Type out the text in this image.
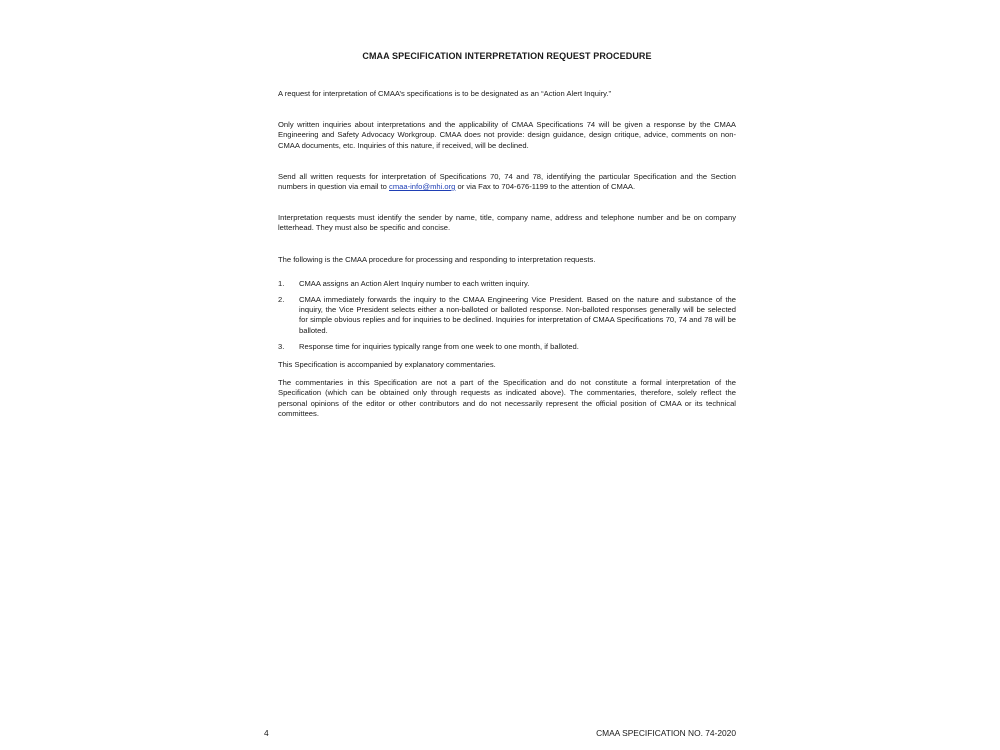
CMAA SPECIFICATION INTERPRETATION REQUEST PROCEDURE

A request for interpretation of CMAA’s specifications is to be designated as an “Action Alert Inquiry.”

Only written inquiries about interpretations and the applicability of CMAA Specifications 74 will be given a response by the CMAA Engineering and Safety Advocacy Workgroup. CMAA does not provide: design guidance, design critique, advice, comments on non-CMAA documents, etc. Inquiries of this nature, if received, will be declined.

Send all written requests for interpretation of Specifications 70, 74 and 78, identifying the particular Specification and the Section numbers in question via email to cmaa-info@mhi.org or via Fax to 704-676-1199 to the attention of CMAA.

Interpretation requests must identify the sender by name, title, company name, address and telephone number and be on company letterhead. They must also be specific and concise.

The following is the CMAA procedure for processing and responding to interpretation requests.

1.	CMAA assigns an Action Alert Inquiry number to each written inquiry.
2.	CMAA immediately forwards the inquiry to the CMAA Engineering Vice President. Based on the nature and substance of the inquiry, the Vice President selects either a non-balloted or balloted response. Non-balloted responses generally will be selected for simple obvious replies and for inquiries to be declined. Inquiries for interpretation of CMAA Specifications 70, 74 and 78 will be balloted.
3.	Response time for inquiries typically range from one week to one month, if balloted.

This Specification is accompanied by explanatory commentaries.

The commentaries in this Specification are not a part of the Specification and do not constitute a formal interpretation of the Specification (which can be obtained only through requests as indicated above). The commentaries, therefore, solely reflect the personal opinions of the editor or other contributors and do not necessarily represent the official position of CMAA or its technical committees.

4	CMAA SPECIFICATION NO. 74-2020
